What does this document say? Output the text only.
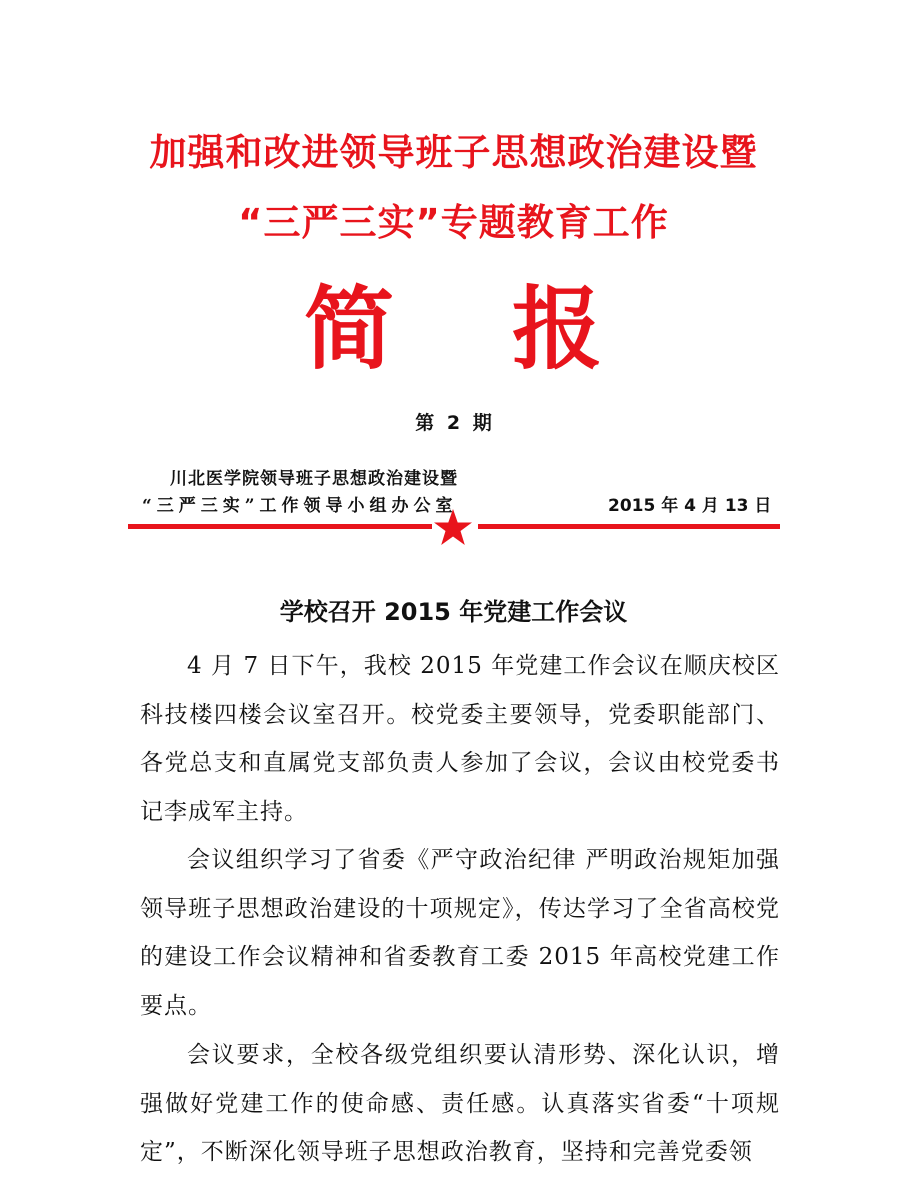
加强和改进领导班子思想政治建设暨
“三严三实”专题教育工作
简 报
第 2 期
川北医学院领导班子思想政治建设暨
“三严三实”工作领导小组办公室	2015 年 4 月 13 日
学校召开 2015 年党建工作会议

4 月 7 日下午，我校 2015 年党建工作会议在顺庆校区科技楼四楼会议室召开。校党委主要领导，党委职能部门、各党总支和直属党支部负责人参加了会议，会议由校党委书记李成军主持。

会议组织学习了省委《严守政治纪律 严明政治规矩加强领导班子思想政治建设的十项规定》，传达学习了全省高校党的建设工作会议精神和省委教育工委 2015 年高校党建工作要点。

会议要求，全校各级党组织要认清形势、深化认识，增强做好党建工作的使命感、责任感。认真落实省委“十项规定”，不断深化领导班子思想政治教育，坚持和完善党委领
